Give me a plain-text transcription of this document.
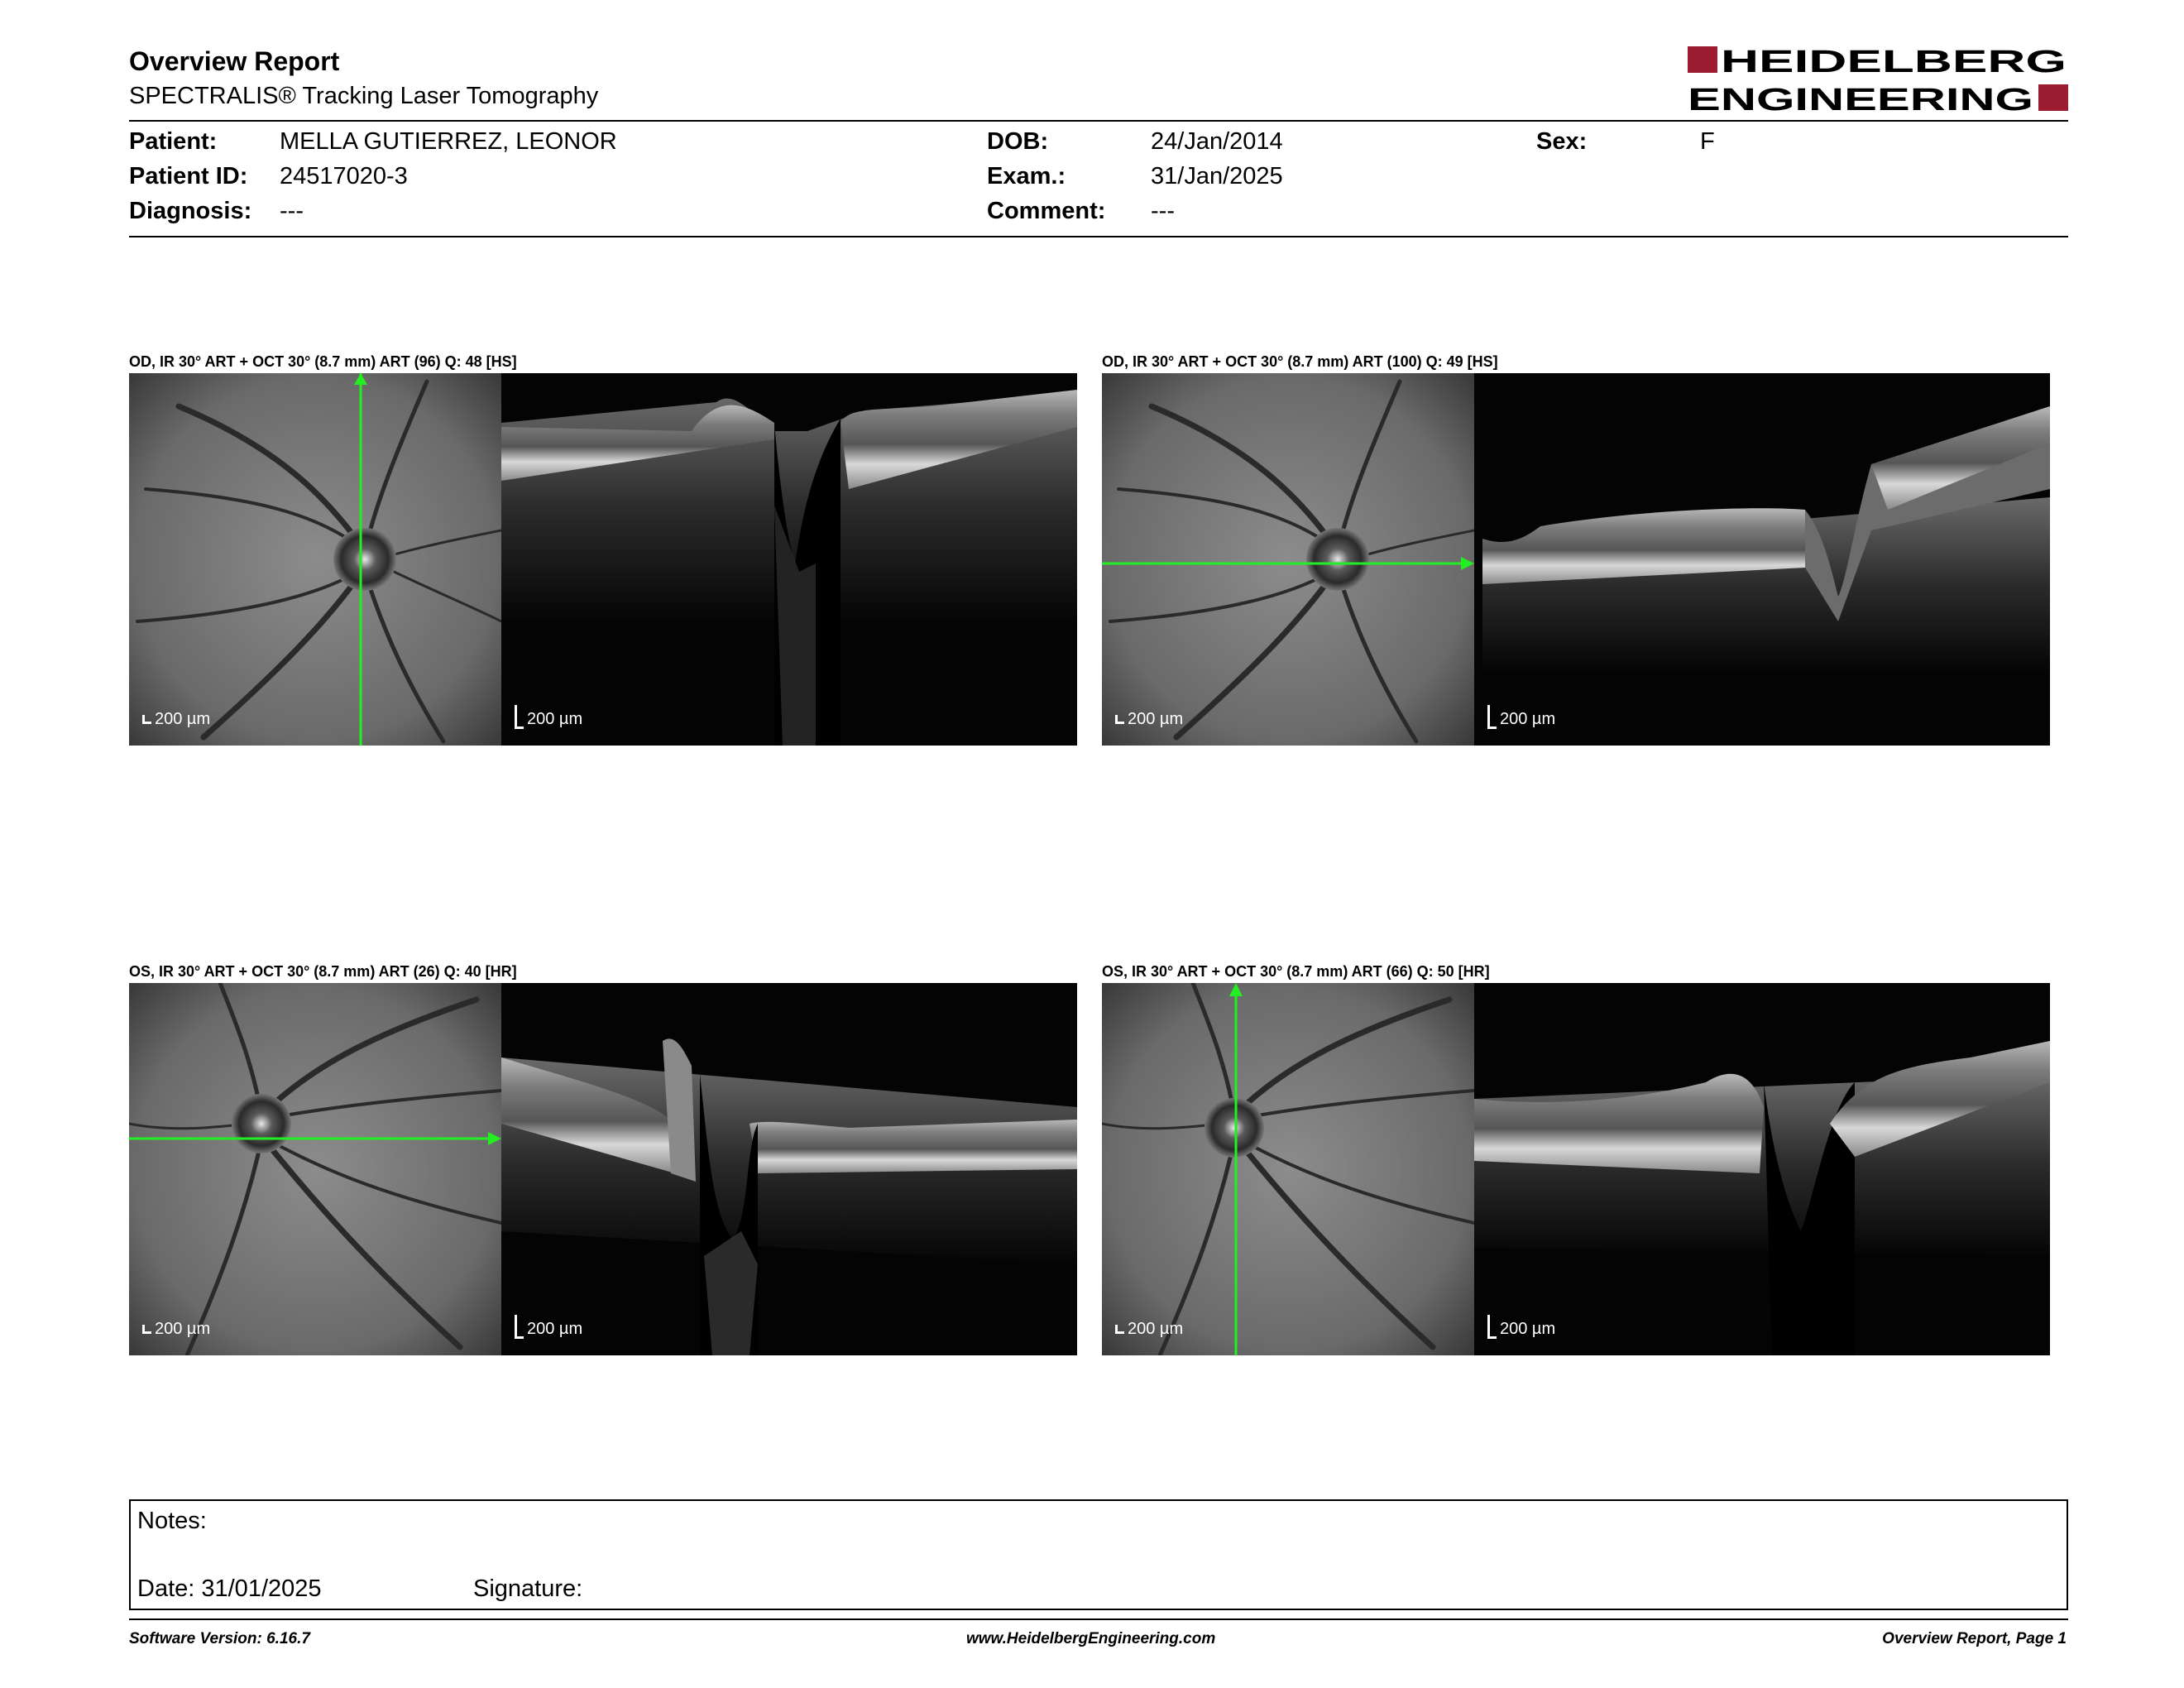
Overview Report
SPECTRALIS® Tracking Laser Tomography
HEIDELBERG
ENGINEERING
Patient:	MELLA GUTIERREZ, LEONOR
Patient ID: 24517020-3
Diagnosis: ---
DOB:	24/Jan/2014
Exam.:	31/Jan/2025
Comment: ---
Sex:	F
OD, IR 30° ART + OCT 30° (8.7 mm) ART (96) Q: 48 [HS]
200 µm	200 µm
OD, IR 30° ART + OCT 30° (8.7 mm) ART (100) Q: 49 [HS]
200 µm	200 µm
OS, IR 30° ART + OCT 30° (8.7 mm) ART (26) Q: 40 [HR]
200 µm	200 µm
OS, IR 30° ART + OCT 30° (8.7 mm) ART (66) Q: 50 [HR]
200 µm	200 µm
Notes:
Date: 31/01/2025	Signature:
Software Version: 6.16.7	www.HeidelbergEngineering.com	Overview Report, Page 1
